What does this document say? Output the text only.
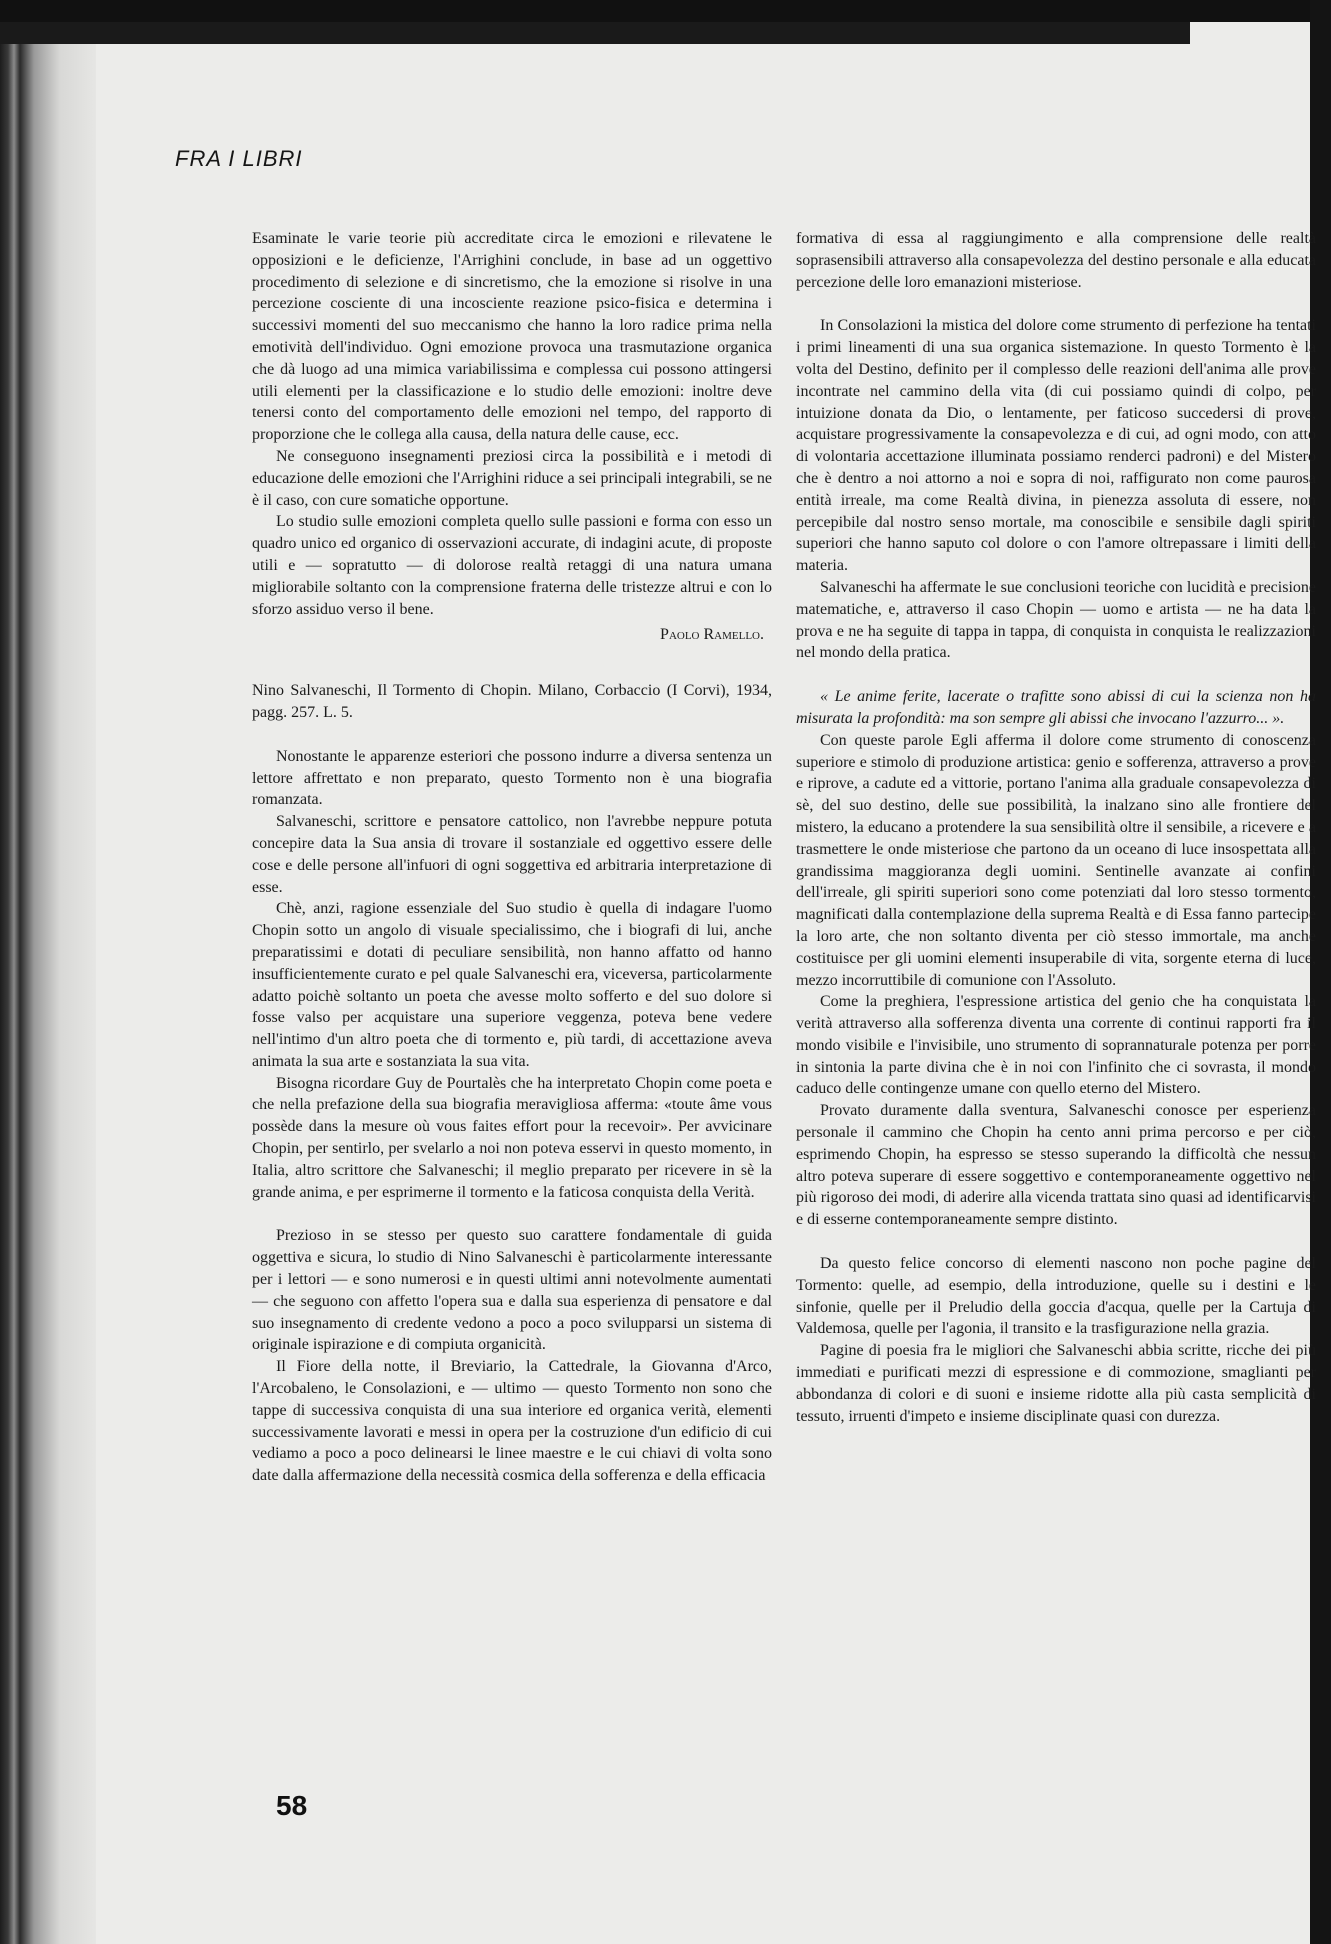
FRA I LIBRI

Esaminate le varie teorie più accreditate circa le emozioni e rilevatene le opposizioni e le deficienze, l'Arrighini conclude, in base ad un oggettivo procedimento di selezione e di sincretismo, che la emozione si risolve in una percezione cosciente di una incosciente reazione psico-fisica e determina i successivi momenti del suo meccanismo che hanno la loro radice prima nella emotività dell'individuo. Ogni emozione provoca una trasmutazione organica che dà luogo ad una mimica variabilissima e complessa cui possono attingersi utili elementi per la classificazione e lo studio delle emozioni: inoltre deve tenersi conto del comportamento delle emozioni nel tempo, del rapporto di proporzione che le collega alla causa, della natura delle cause, ecc.

Ne conseguono insegnamenti preziosi circa la possibilità e i metodi di educazione delle emozioni che l'Arrighini riduce a sei principali integrabili, se ne è il caso, con cure somatiche opportune.

Lo studio sulle emozioni completa quello sulle passioni e forma con esso un quadro unico ed organico di osservazioni accurate, di indagini acute, di proposte utili e — sopratutto — di dolorose realtà retaggi di una natura umana migliorabile soltanto con la comprensione fraterna delle tristezze altrui e con lo sforzo assiduo verso il bene.

Paolo Ramello.

Nino Salvaneschi, Il Tormento di Chopin. Milano, Corbaccio (I Corvi), 1934, pagg. 257. L. 5.

Nonostante le apparenze esteriori che possono indurre a diversa sentenza un lettore affrettato e non preparato, questo Tormento non è una biografia romanzata.

Salvaneschi, scrittore e pensatore cattolico, non l'avrebbe neppure potuta concepire data la Sua ansia di trovare il sostanziale ed oggettivo essere delle cose e delle persone all'infuori di ogni soggettiva ed arbitraria interpretazione di esse.

Chè, anzi, ragione essenziale del Suo studio è quella di indagare l'uomo Chopin sotto un angolo di visuale specialissimo, che i biografi di lui, anche preparatissimi e dotati di peculiare sensibilità, non hanno affatto od hanno insufficientemente curato e pel quale Salvaneschi era, viceversa, particolarmente adatto poichè soltanto un poeta che avesse molto sofferto e del suo dolore si fosse valso per acquistare una superiore veggenza, poteva bene vedere nell'intimo d'un altro poeta che di tormento e, più tardi, di accettazione aveva animata la sua arte e sostanziata la sua vita.

Bisogna ricordare Guy de Pourtalès che ha interpretato Chopin come poeta e che nella prefazione della sua biografia meravigliosa afferma: «toute âme vous possède dans la mesure où vous faites effort pour la recevoir». Per avvicinare Chopin, per sentirlo, per svelarlo a noi non poteva esservi in questo momento, in Italia, altro scrittore che Salvaneschi; il meglio preparato per ricevere in sè la grande anima, e per esprimerne il tormento e la faticosa conquista della Verità.

Prezioso in se stesso per questo suo carattere fondamentale di guida oggettiva e sicura, lo studio di Nino Salvaneschi è particolarmente interessante per i lettori — e sono numerosi e in questi ultimi anni notevolmente aumentati — che seguono con affetto l'opera sua e dalla sua esperienza di pensatore e dal suo insegnamento di credente vedono a poco a poco svilupparsi un sistema di originale ispirazione e di compiuta organicità.

Il Fiore della notte, il Breviario, la Cattedrale, la Giovanna d'Arco, l'Arcobaleno, le Consolazioni, e — ultimo — questo Tormento non sono che tappe di successiva conquista di una sua interiore ed organica verità, elementi successivamente lavorati e messi in opera per la costruzione d'un edificio di cui vediamo a poco a poco delinearsi le linee maestre e le cui chiavi di volta sono date dalla affermazione della necessità cosmica della sofferenza e della efficacia

formativa di essa al raggiungimento e alla comprensione delle realtà soprasensibili attraverso alla consapevolezza del destino personale e alla educata percezione delle loro emanazioni misteriose.

In Consolazioni la mistica del dolore come strumento di perfezione ha tentati i primi lineamenti di una sua organica sistemazione. In questo Tormento è la volta del Destino, definito per il complesso delle reazioni dell'anima alle prove incontrate nel cammino della vita (di cui possiamo quindi di colpo, per intuizione donata da Dio, o lentamente, per faticoso succedersi di prove, acquistare progressivamente la consapevolezza e di cui, ad ogni modo, con atto di volontaria accettazione illuminata possiamo renderci padroni) e del Mistero che è dentro a noi attorno a noi e sopra di noi, raffigurato non come paurosa entità irreale, ma come Realtà divina, in pienezza assoluta di essere, non percepibile dal nostro senso mortale, ma conoscibile e sensibile dagli spiriti superiori che hanno saputo col dolore o con l'amore oltrepassare i limiti della materia.

Salvaneschi ha affermate le sue conclusioni teoriche con lucidità e precisione matematiche, e, attraverso il caso Chopin — uomo e artista — ne ha data la prova e ne ha seguite di tappa in tappa, di conquista in conquista le realizzazioni nel mondo della pratica.

« Le anime ferite, lacerate o trafitte sono abissi di cui la scienza non ha misurata la profondità: ma son sempre gli abissi che invocano l'azzurro... ».

Con queste parole Egli afferma il dolore come strumento di conoscenza superiore e stimolo di produzione artistica: genio e sofferenza, attraverso a prove e riprove, a cadute ed a vittorie, portano l'anima alla graduale consapevolezza di sè, del suo destino, delle sue possibilità, la inalzano sino alle frontiere del mistero, la educano a protendere la sua sensibilità oltre il sensibile, a ricevere e a trasmettere le onde misteriose che partono da un oceano di luce insospettata alla grandissima maggioranza degli uomini. Sentinelle avanzate ai confini dell'irreale, gli spiriti superiori sono come potenziati dal loro stesso tormento, magnificati dalla contemplazione della suprema Realtà e di Essa fanno partecipe la loro arte, che non soltanto diventa per ciò stesso immortale, ma anche costituisce per gli uomini elementi insuperabile di vita, sorgente eterna di luce, mezzo incorruttibile di comunione con l'Assoluto.

Come la preghiera, l'espressione artistica del genio che ha conquistata la verità attraverso alla sofferenza diventa una corrente di continui rapporti fra il mondo visibile e l'invisibile, uno strumento di soprannaturale potenza per porre in sintonia la parte divina che è in noi con l'infinito che ci sovrasta, il mondo caduco delle contingenze umane con quello eterno del Mistero.

Provato duramente dalla sventura, Salvaneschi conosce per esperienza personale il cammino che Chopin ha cento anni prima percorso e per ciò, esprimendo Chopin, ha espresso se stesso superando la difficoltà che nessun altro poteva superare di essere soggettivo e contemporaneamente oggettivo nel più rigoroso dei modi, di aderire alla vicenda trattata sino quasi ad identificarvisi e di esserne contemporaneamente sempre distinto.

Da questo felice concorso di elementi nascono non poche pagine del Tormento: quelle, ad esempio, della introduzione, quelle su i destini e le sinfonie, quelle per il Preludio della goccia d'acqua, quelle per la Cartuja di Valdemosa, quelle per l'agonia, il transito e la trasfigurazione nella grazia.

Pagine di poesia fra le migliori che Salvaneschi abbia scritte, ricche dei più immediati e purificati mezzi di espressione e di commozione, smaglianti per abbondanza di colori e di suoni e insieme ridotte alla più casta semplicità di tessuto, irruenti d'impeto e insieme disciplinate quasi con durezza.

58
